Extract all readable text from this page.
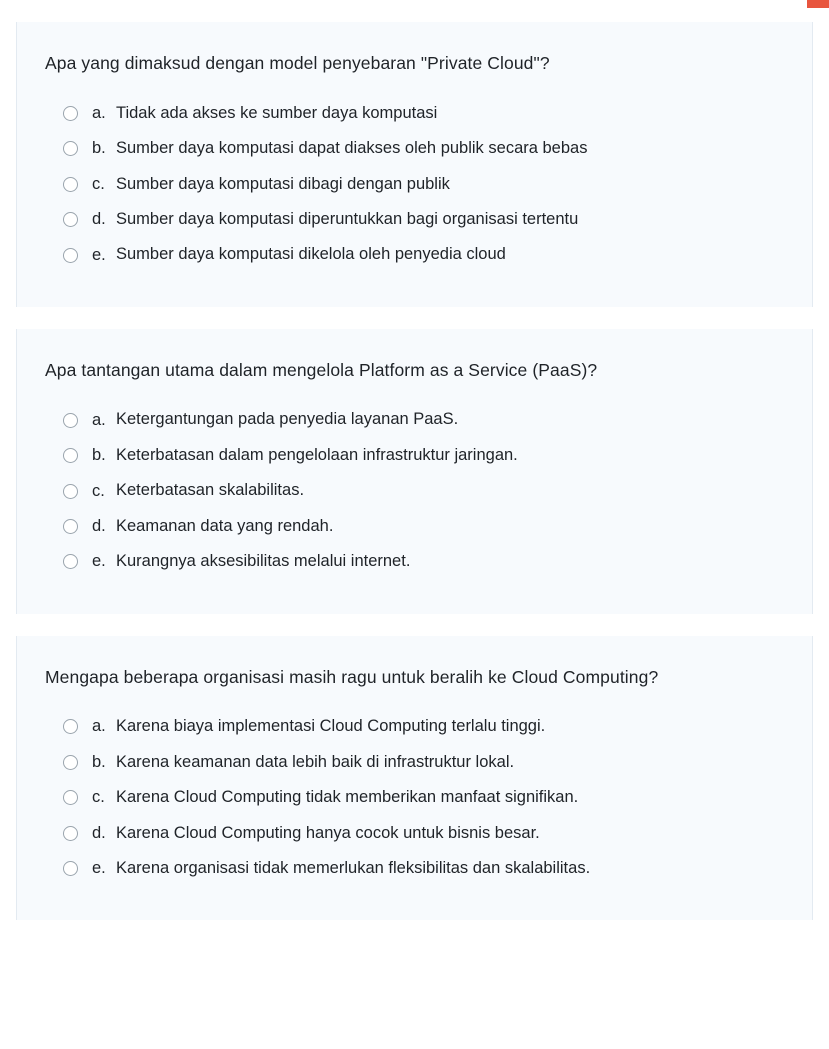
Apa yang dimaksud dengan model penyebaran "Private Cloud"?

a. Tidak ada akses ke sumber daya komputasi
b. Sumber daya komputasi dapat diakses oleh publik secara bebas
c. Sumber daya komputasi dibagi dengan publik
d. Sumber daya komputasi diperuntukkan bagi organisasi tertentu
e. Sumber daya komputasi dikelola oleh penyedia cloud

Apa tantangan utama dalam mengelola Platform as a Service (PaaS)?

a. Ketergantungan pada penyedia layanan PaaS.
b. Keterbatasan dalam pengelolaan infrastruktur jaringan.
c. Keterbatasan skalabilitas.
d. Keamanan data yang rendah.
e. Kurangnya aksesibilitas melalui internet.

Mengapa beberapa organisasi masih ragu untuk beralih ke Cloud Computing?

a. Karena biaya implementasi Cloud Computing terlalu tinggi.
b. Karena keamanan data lebih baik di infrastruktur lokal.
c. Karena Cloud Computing tidak memberikan manfaat signifikan.
d. Karena Cloud Computing hanya cocok untuk bisnis besar.
e. Karena organisasi tidak memerlukan fleksibilitas dan skalabilitas.
